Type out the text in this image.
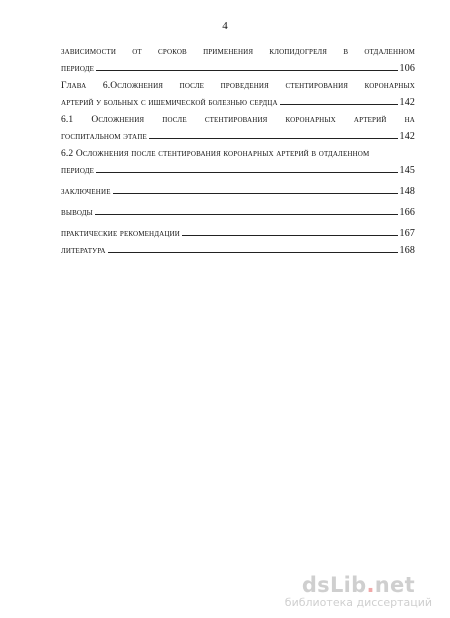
4
зависимости от сроков применения клопидогреля в отдаленном
периоде	106
Глава 6.Осложнения после проведения стентирования коронарных
артерий у больных с ишемической болезнью сердца	142
6.1 Осложнения после стентирования коронарных артерий на
госпитальном этапе	142
6.2 Осложнения после стентирования коронарных артерий в отдаленном
периоде	145
заключение	148
выводы	166
практические рекомендации	167
литература	168
dsLib.net
библиотека диссертаций
